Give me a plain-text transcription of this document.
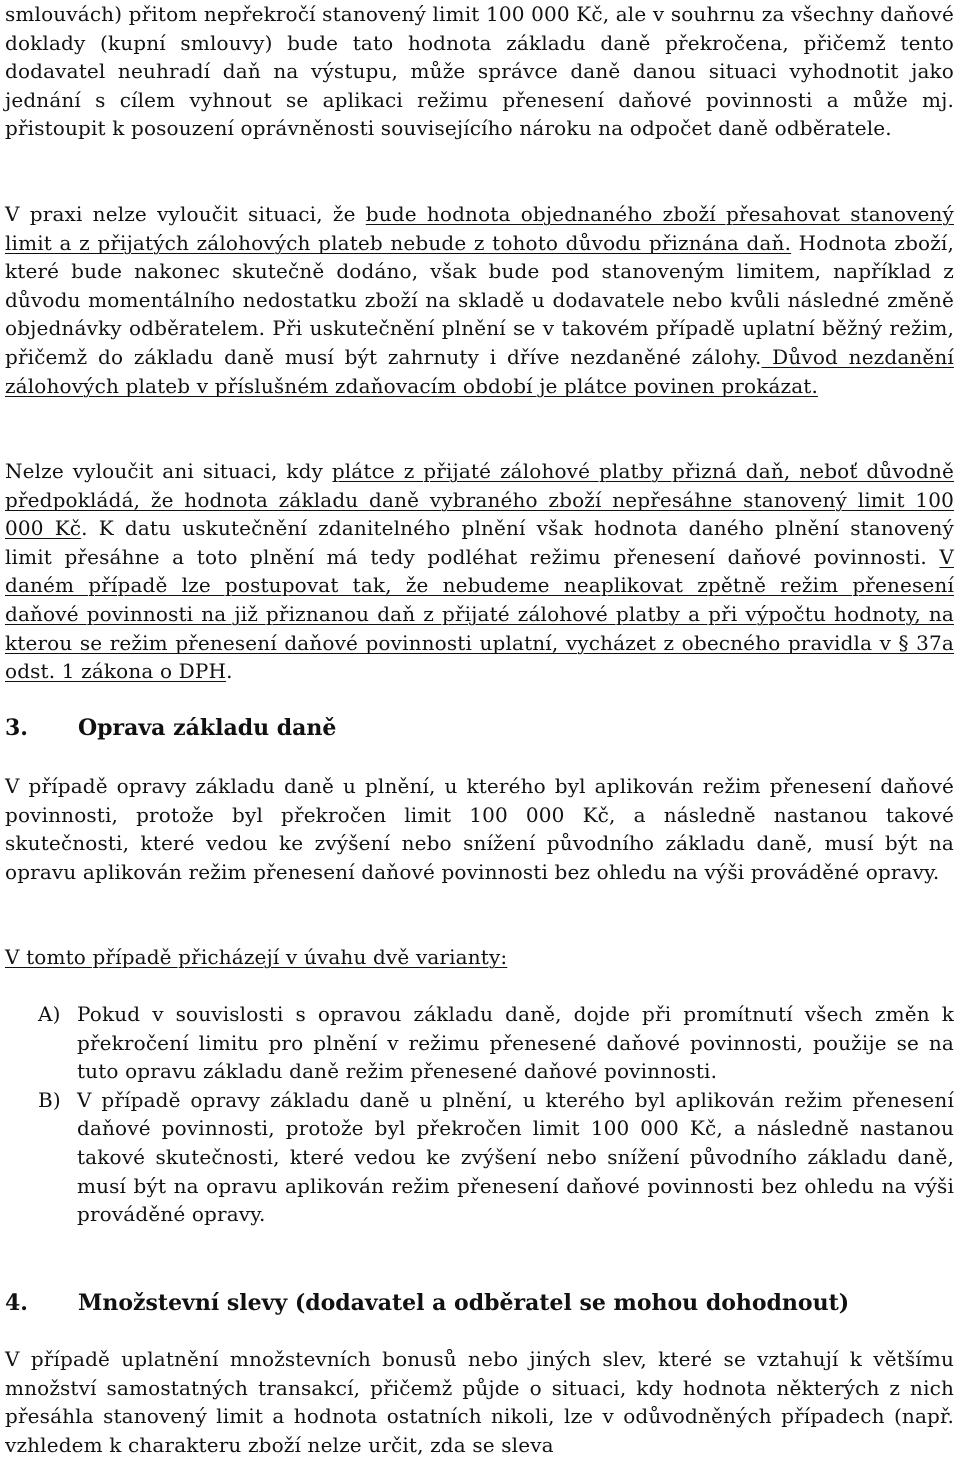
smlouvách) přitom nepřekročí stanovený limit 100 000 Kč, ale v souhrnu za všechny daňové doklady (kupní smlouvy) bude tato hodnota základu daně překročena, přičemž tento dodavatel neuhradí daň na výstupu, může správce daně danou situaci vyhodnotit jako jednání s cílem vyhnout se aplikaci režimu přenesení daňové povinnosti a může mj. přistoupit k posouzení oprávněnosti souvisejícího nároku na odpočet daně odběratele.

V praxi nelze vyloučit situaci, že bude hodnota objednaného zboží přesahovat stanovený limit a z přijatých zálohových plateb nebude z tohoto důvodu přiznána daň. Hodnota zboží, které bude nakonec skutečně dodáno, však bude pod stanoveným limitem, například z důvodu momentálního nedostatku zboží na skladě u dodavatele nebo kvůli následné změně objednávky odběratelem. Při uskutečnění plnění se v takovém případě uplatní běžný režim, přičemž do základu daně musí být zahrnuty i dříve nezdaněné zálohy. Důvod nezdanění zálohových plateb v příslušném zdaňovacím období je plátce povinen prokázat.

Nelze vyloučit ani situaci, kdy plátce z přijaté zálohové platby přizná daň, neboť důvodně předpokládá, že hodnota základu daně vybraného zboží nepřesáhne stanovený limit 100 000 Kč. K datu uskutečnění zdanitelného plnění však hodnota daného plnění stanovený limit přesáhne a toto plnění má tedy podléhat režimu přenesení daňové povinnosti. V daném případě lze postupovat tak, že nebudeme neaplikovat zpětně režim přenesení daňové povinnosti na již přiznanou daň z přijaté zálohové platby a při výpočtu hodnoty, na kterou se režim přenesení daňové povinnosti uplatní, vycházet z obecného pravidla v § 37a odst. 1 zákona o DPH.

3. Oprava základu daně

V případě opravy základu daně u plnění, u kterého byl aplikován režim přenesení daňové povinnosti, protože byl překročen limit 100 000 Kč, a následně nastanou takové skutečnosti, které vedou ke zvýšení nebo snížení původního základu daně, musí být na opravu aplikován režim přenesení daňové povinnosti bez ohledu na výši prováděné opravy.

V tomto případě přicházejí v úvahu dvě varianty:

A) Pokud v souvislosti s opravou základu daně, dojde při promítnutí všech změn k překročení limitu pro plnění v režimu přenesené daňové povinnosti, použije se na tuto opravu základu daně režim přenesené daňové povinnosti.
B) V případě opravy základu daně u plnění, u kterého byl aplikován režim přenesení daňové povinnosti, protože byl překročen limit 100 000 Kč, a následně nastanou takové skutečnosti, které vedou ke zvýšení nebo snížení původního základu daně, musí být na opravu aplikován režim přenesení daňové povinnosti bez ohledu na výši prováděné opravy.
4. Množstevní slevy (dodavatel a odběratel se mohou dohodnout)

V případě uplatnění množstevních bonusů nebo jiných slev, které se vztahují k většímu množství samostatných transakcí, přičemž půjde o situaci, kdy hodnota některých z nich přesáhla stanovený limit a hodnota ostatních nikoli, lze v odůvodněných případech (např. vzhledem k charakteru zboží nelze určit, zda se sleva
